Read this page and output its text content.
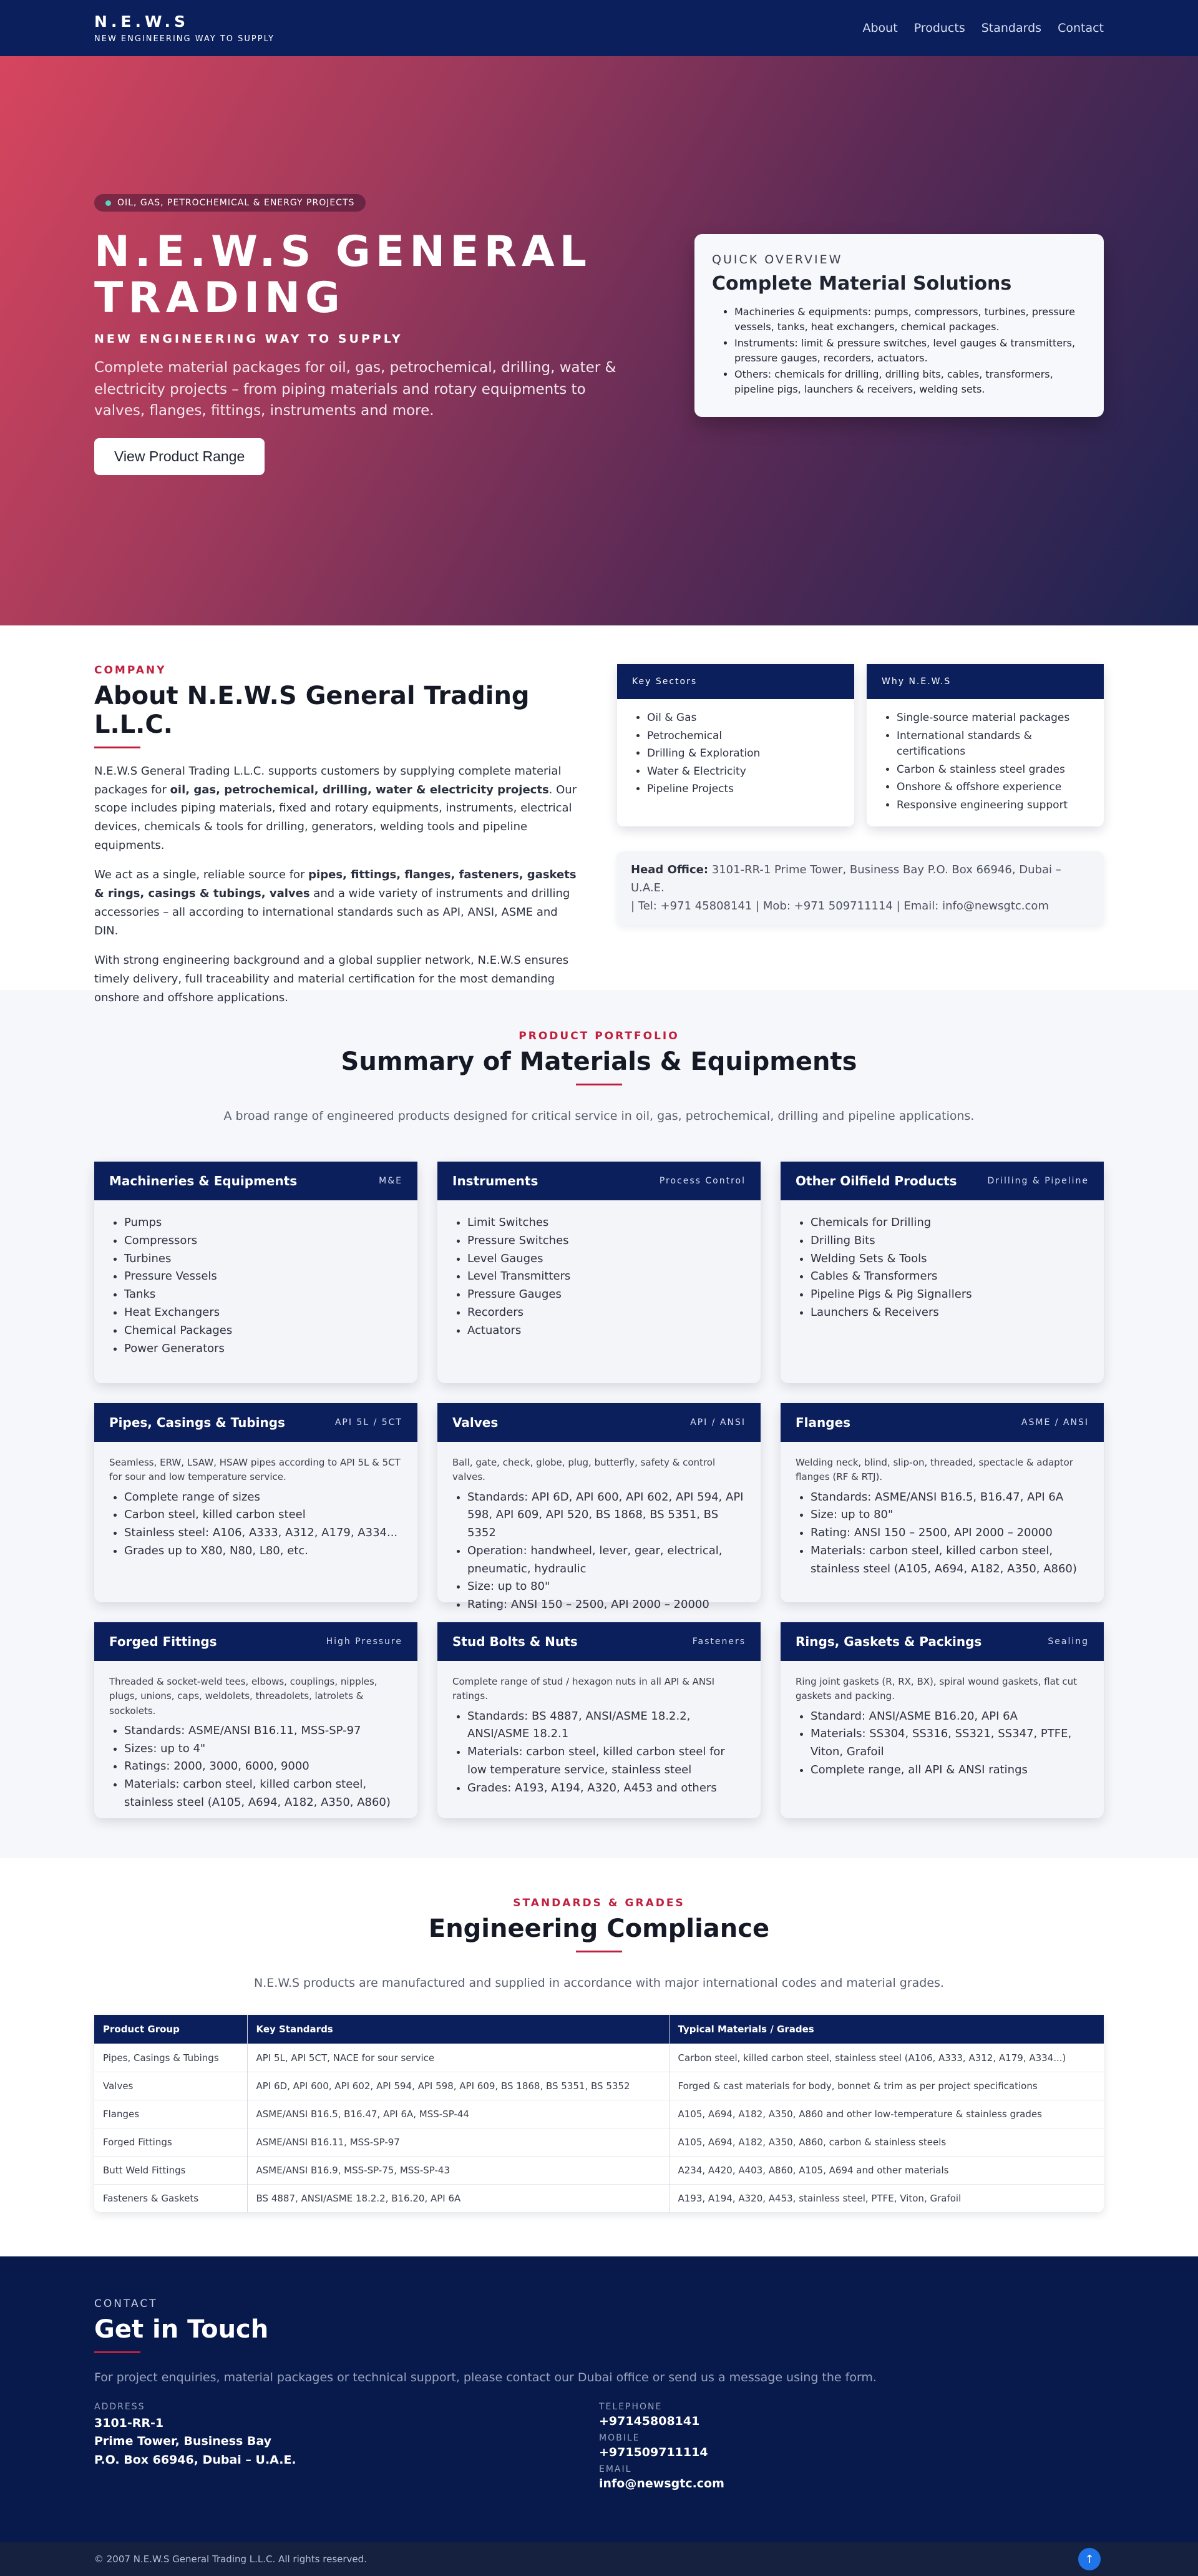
N.E.W.S
NEW ENGINEERING WAY TO SUPPLY
About Products Standards Contact
OIL, GAS, PETROCHEMICAL & ENERGY PROJECTS
N.E.W.S GENERAL
TRADING
NEW ENGINEERING WAY TO SUPPLY

Complete material packages for oil, gas, petrochemical, drilling, water & electricity projects – from piping materials and rotary equipments to valves, flanges, fittings, instruments and more.

View Product Range
QUICK OVERVIEW
Complete Material Solutions
• Machineries & equipments: pumps, compressors, turbines, pressure vessels, tanks, heat exchangers, chemical packages.
• Instruments: limit & pressure switches, level gauges & transmitters, pressure gauges, recorders, actuators.
• Others: chemicals for drilling, drilling bits, cables, transformers, pipeline pigs, launchers & receivers, welding sets.
COMPANY
About N.E.W.S General Trading L.L.C.

N.E.W.S General Trading L.L.C. supports customers by supplying complete material packages for oil, gas, petrochemical, drilling, water & electricity projects. Our scope includes piping materials, fixed and rotary equipments, instruments, electrical devices, chemicals & tools for drilling, generators, welding tools and pipeline equipments.

We act as a single, reliable source for pipes, fittings, flanges, fasteners, gaskets & rings, casings & tubings, valves and a wide variety of instruments and drilling accessories – all according to international standards such as API, ANSI, ASME and DIN.

With strong engineering background and a global supplier network, N.E.W.S ensures timely delivery, full traceability and material certification for the most demanding onshore and offshore applications.

Key Sectors
• Oil & Gas
• Petrochemical
• Drilling & Exploration
• Water & Electricity
• Pipeline Projects
Why N.E.W.S
• Single-source material packages
• International standards & certifications
• Carbon & stainless steel grades
• Onshore & offshore experience
• Responsive engineering support
Head Office: 3101-RR-1 Prime Tower, Business Bay P.O. Box 66946, Dubai – U.A.E.
| Tel: +971 45808141 | Mob: +971 509711114 | Email: info@newsgtc.com
PRODUCT PORTFOLIO
Summary of Materials & Equipments

A broad range of engineered products designed for critical service in oil, gas, petrochemical, drilling and pipeline applications.

Machineries & Equipments	M&E
• Pumps
• Compressors
• Turbines
• Pressure Vessels
• Tanks
• Heat Exchangers
• Chemical Packages
• Power Generators
Instruments	Process Control
• Limit Switches
• Pressure Switches
• Level Gauges
• Level Transmitters
• Pressure Gauges
• Recorders
• Actuators
Other Oilfield Products	Drilling & Pipeline
• Chemicals for Drilling
• Drilling Bits
• Welding Sets & Tools
• Cables & Transformers
• Pipeline Pigs & Pig Signallers
• Launchers & Receivers
Pipes, Casings & Tubings	API 5L / 5CT

Seamless, ERW, LSAW, HSAW pipes according to API 5L & 5CT for sour and low temperature service.

• Complete range of sizes
• Carbon steel, killed carbon steel
• Stainless steel: A106, A333, A312, A179, A334...
• Grades up to X80, N80, L80, etc.
Valves	API / ANSI

Ball, gate, check, globe, plug, butterfly, safety & control valves.

• Standards: API 6D, API 600, API 602, API 594, API 598, API 609, API 520, BS 1868, BS 5351, BS 5352
• Operation: handwheel, lever, gear, electrical, pneumatic, hydraulic
• Size: up to 80"
• Rating: ANSI 150 – 2500, API 2000 – 20000
Flanges	ASME / ANSI

Welding neck, blind, slip-on, threaded, spectacle & adaptor flanges (RF & RTJ).

• Standards: ASME/ANSI B16.5, B16.47, API 6A
• Size: up to 80"
• Rating: ANSI 150 – 2500, API 2000 – 20000
• Materials: carbon steel, killed carbon steel, stainless steel (A105, A694, A182, A350, A860)
Forged Fittings	High Pressure

Threaded & socket-weld tees, elbows, couplings, nipples, plugs, unions, caps, weldolets, threadolets, latrolets & sockolets.

• Standards: ASME/ANSI B16.11, MSS-SP-97
• Sizes: up to 4"
• Ratings: 2000, 3000, 6000, 9000
• Materials: carbon steel, killed carbon steel, stainless steel (A105, A694, A182, A350, A860)
Stud Bolts & Nuts	Fasteners

Complete range of stud / hexagon nuts in all API & ANSI ratings.

• Standards: BS 4887, ANSI/ASME 18.2.2, ANSI/ASME 18.2.1
• Materials: carbon steel, killed carbon steel for low temperature service, stainless steel
• Grades: A193, A194, A320, A453 and others
Rings, Gaskets & Packings	Sealing

Ring joint gaskets (R, RX, BX), spiral wound gaskets, flat cut gaskets and packing.

• Standard: ANSI/ASME B16.20, API 6A
• Materials: SS304, SS316, SS321, SS347, PTFE, Viton, Grafoil
• Complete range, all API & ANSI ratings
STANDARDS & GRADES
Engineering Compliance

N.E.W.S products are manufactured and supplied in accordance with major international codes and material grades.

Product Group	Key Standards	Typical Materials / Grades
Pipes, Casings & Tubings	API 5L, API 5CT, NACE for sour service	Carbon steel, killed carbon steel, stainless steel (A106, A333, A312, A179, A334...)
Valves	API 6D, API 600, API 602, API 594, API 598, API 609, BS 1868, BS 5351, BS 5352	Forged & cast materials for body, bonnet & trim as per project specifications
Flanges	ASME/ANSI B16.5, B16.47, API 6A, MSS-SP-44	A105, A694, A182, A350, A860 and other low-temperature & stainless grades
Forged Fittings	ASME/ANSI B16.11, MSS-SP-97	A105, A694, A182, A350, A860, carbon & stainless steels
Butt Weld Fittings	ASME/ANSI B16.9, MSS-SP-75, MSS-SP-43	A234, A420, A403, A860, A105, A694 and other materials
Fasteners & Gaskets	BS 4887, ANSI/ASME 18.2.2, B16.20, API 6A	A193, A194, A320, A453, stainless steel, PTFE, Viton, Grafoil
CONTACT
Get in Touch

For project enquiries, material packages or technical support, please contact our Dubai office or send us a message using the form.

ADDRESS
3101-RR-1
Prime Tower, Business Bay
P.O. Box 66946, Dubai – U.A.E.
TELEPHONE
+97145808141
MOBILE
+971509711114
EMAIL
info@newsgtc.com
© 2007 N.E.W.S General Trading L.L.C. All rights reserved.	↑
